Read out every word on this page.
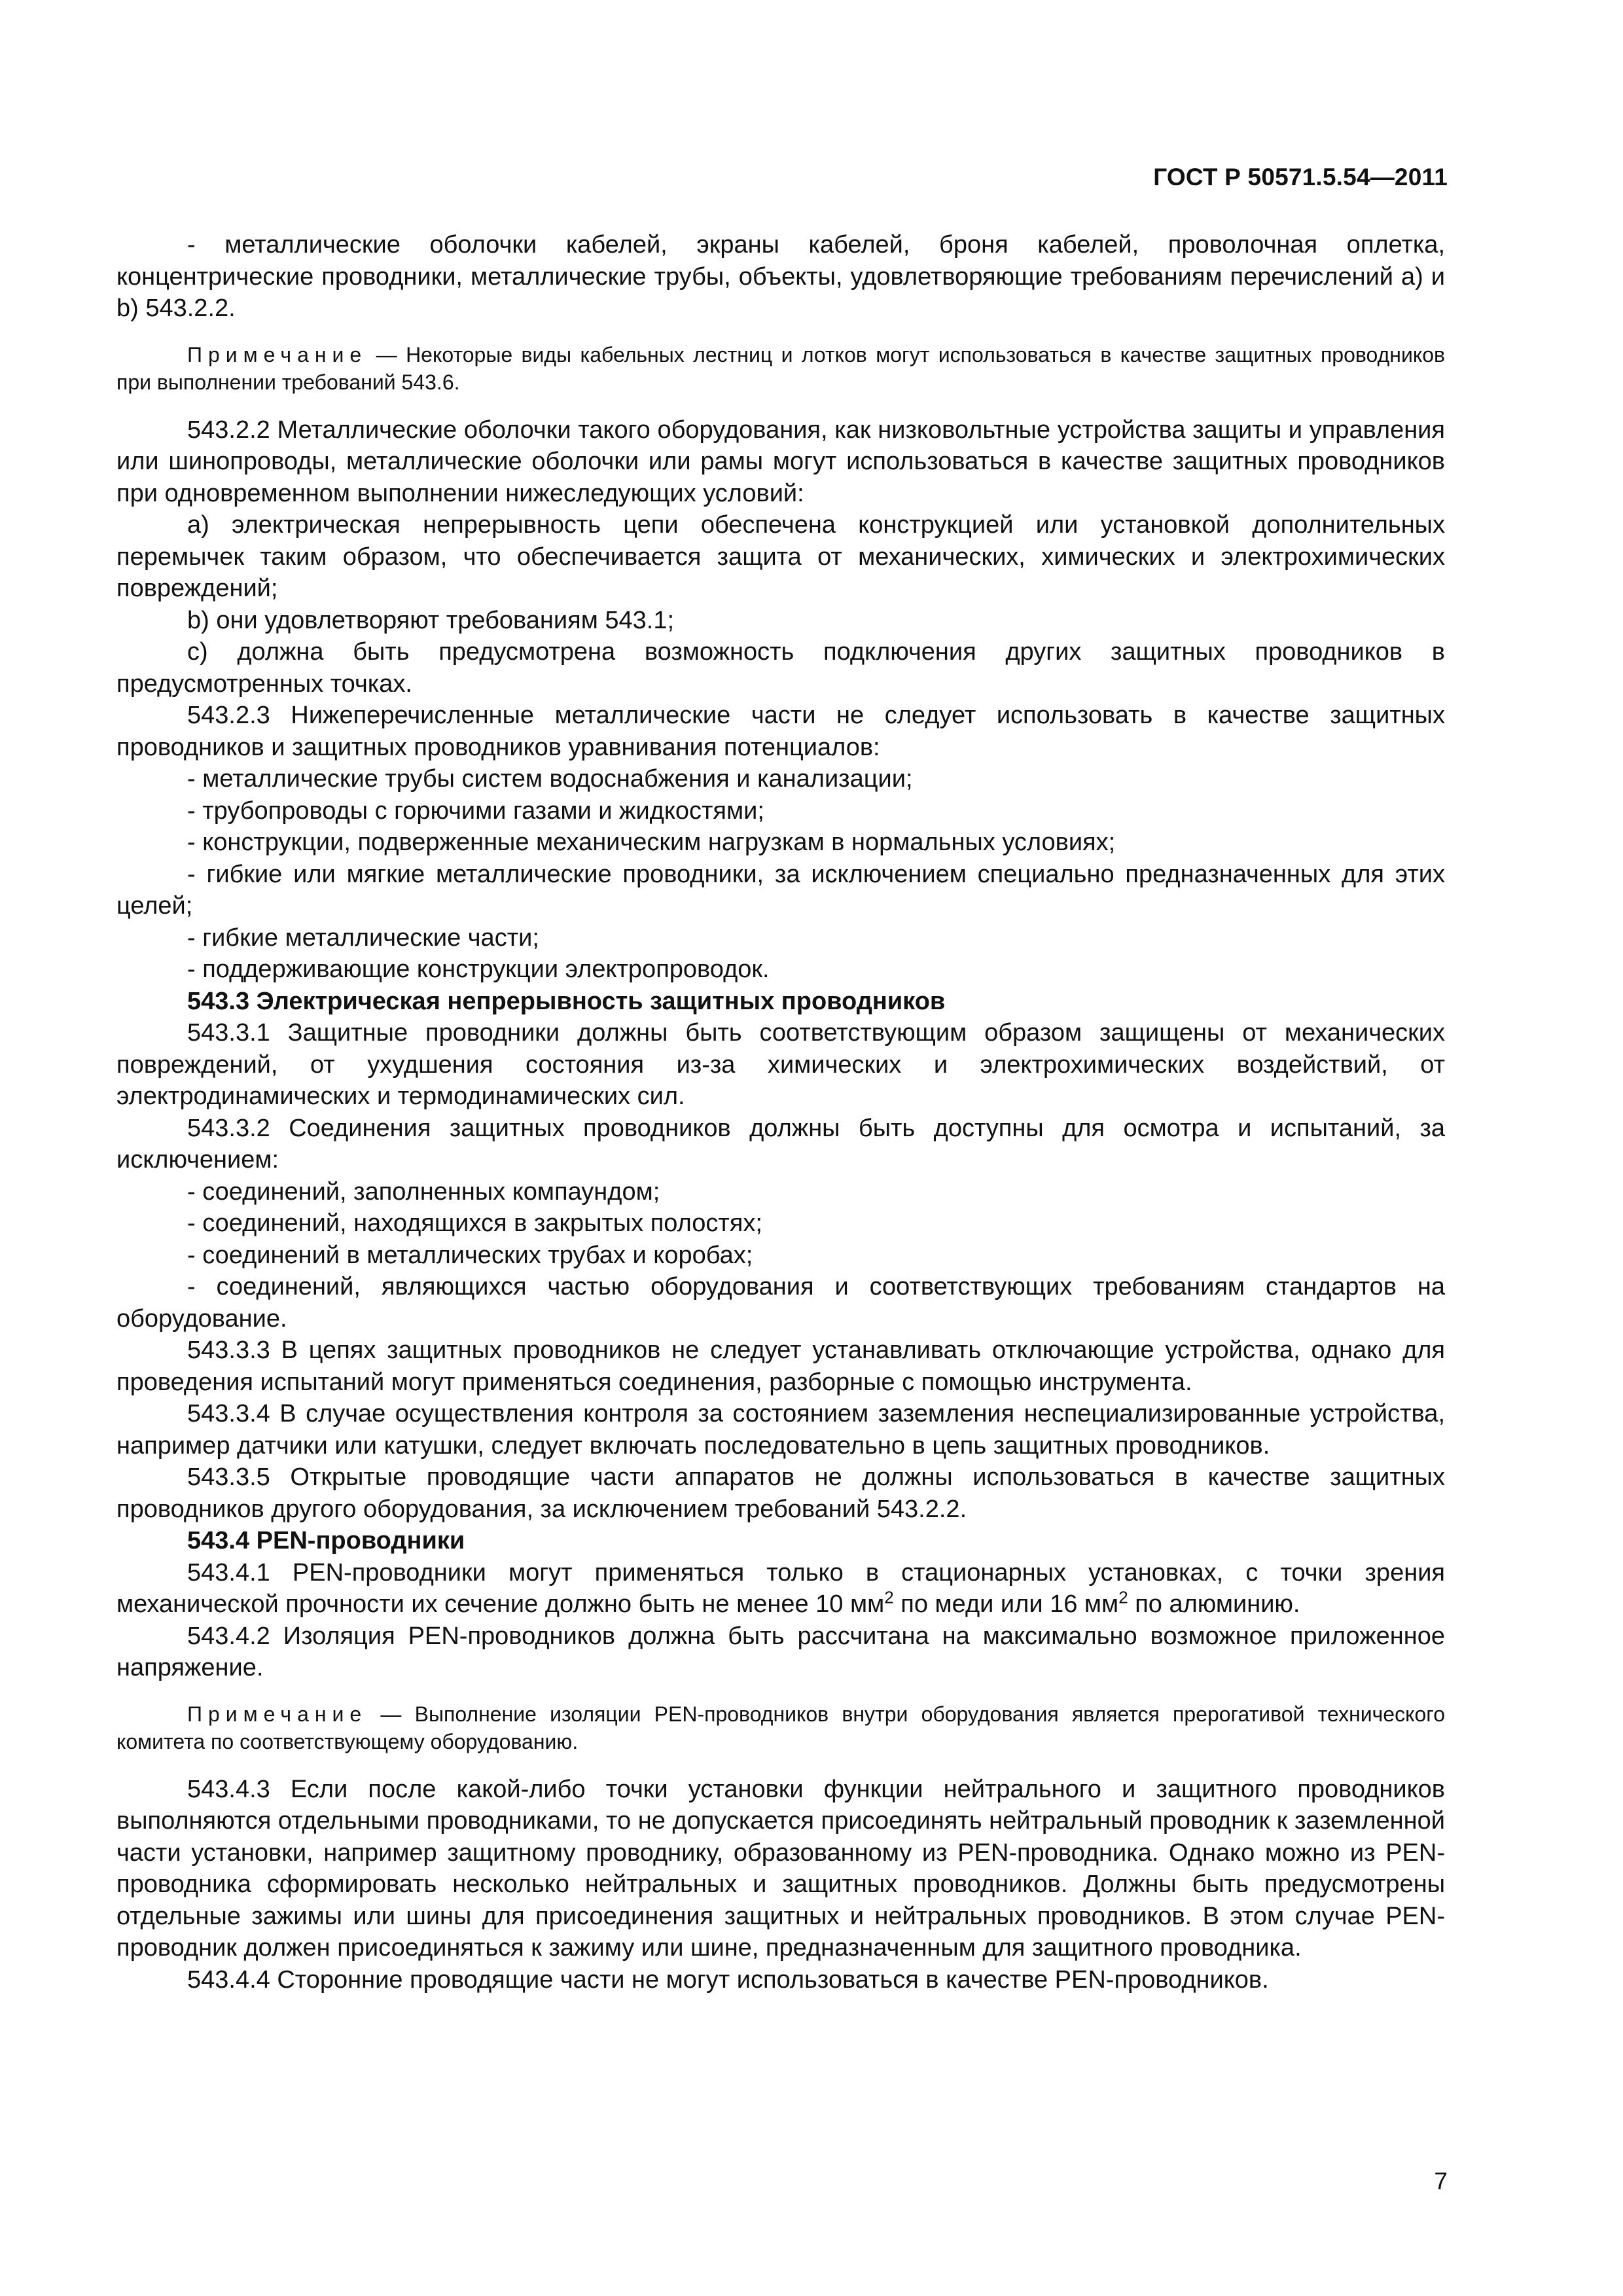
ГОСТ Р 50571.5.54—2011

- металлические оболочки кабелей, экраны кабелей, броня кабелей, проволочная оплетка, концентрические проводники, металлические трубы, объекты, удовлетворяющие требованиям перечислений а) и b) 543.2.2.

Примечание — Некоторые виды кабельных лестниц и лотков могут использоваться в качестве защитных проводников при выполнении требований 543.6.

543.2.2 Металлические оболочки такого оборудования, как низковольтные устройства защиты и управления или шинопроводы, металлические оболочки или рамы могут использоваться в качестве защитных проводников при одновременном выполнении нижеследующих условий:

a) электрическая непрерывность цепи обеспечена конструкцией или установкой дополнительных перемычек таким образом, что обеспечивается защита от механических, химических и электрохимических повреждений;

b) они удовлетворяют требованиям 543.1;

c) должна быть предусмотрена возможность подключения других защитных проводников в предусмотренных точках.

543.2.3 Нижеперечисленные металлические части не следует использовать в качестве защитных проводников и защитных проводников уравнивания потенциалов:

- металлические трубы систем водоснабжения и канализации;

- трубопроводы с горючими газами и жидкостями;

- конструкции, подверженные механическим нагрузкам в нормальных условиях;

- гибкие или мягкие металлические проводники, за исключением специально предназначенных для этих целей;

- гибкие металлические части;

- поддерживающие конструкции электропроводок.

543.3 Электрическая непрерывность защитных проводников

543.3.1 Защитные проводники должны быть соответствующим образом защищены от механических повреждений, от ухудшения состояния из-за химических и электрохимических воздействий, от электродинамических и термодинамических сил.

543.3.2 Соединения защитных проводников должны быть доступны для осмотра и испытаний, за исключением:

- соединений, заполненных компаундом;

- соединений, находящихся в закрытых полостях;

- соединений в металлических трубах и коробах;

- соединений, являющихся частью оборудования и соответствующих требованиям стандартов на оборудование.

543.3.3 В цепях защитных проводников не следует устанавливать отключающие устройства, однако для проведения испытаний могут применяться соединения, разборные с помощью инструмента.

543.3.4 В случае осуществления контроля за состоянием заземления неспециализированные устройства, например датчики или катушки, следует включать последовательно в цепь защитных проводников.

543.3.5 Открытые проводящие части аппаратов не должны использоваться в качестве защитных проводников другого оборудования, за исключением требований 543.2.2.

543.4 PEN-проводники

543.4.1 PEN-проводники могут применяться только в стационарных установках, с точки зрения механической прочности их сечение должно быть не менее 10 $мм^2$ по меди или 16 $мм^2$ по алюминию.

543.4.2 Изоляция PEN-проводников должна быть рассчитана на максимально возможное приложенное напряжение.

Примечание — Выполнение изоляции PEN-проводников внутри оборудования является прерогативой технического комитета по соответствующему оборудованию.

543.4.3 Если после какой-либо точки установки функции нейтрального и защитного проводников выполняются отдельными проводниками, то не допускается присоединять нейтральный проводник к заземленной части установки, например защитному проводнику, образованному из PEN-проводника. Однако можно из PEN-проводника сформировать несколько нейтральных и защитных проводников. Должны быть предусмотрены отдельные зажимы или шины для присоединения защитных и нейтральных проводников. В этом случае PEN-проводник должен присоединяться к зажиму или шине, предназначенным для защитного проводника.

543.4.4 Сторонние проводящие части не могут использоваться в качестве PEN-проводников.

7
